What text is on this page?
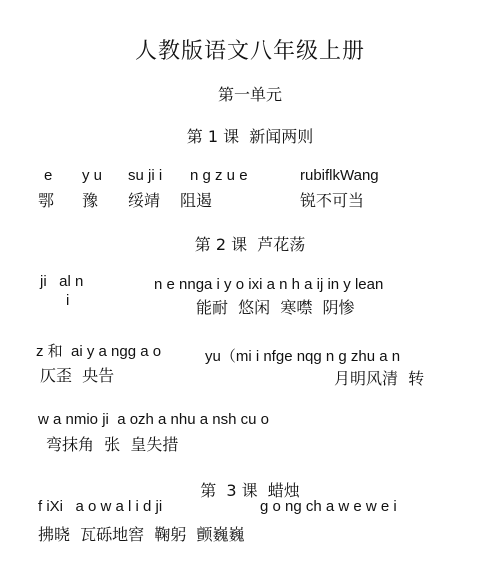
人教版语文八年级上册
第一单元
第 1 课  新闻两则
e y u su ji i n g z u e	rubiflkWang
鄂 豫 绥靖 阻遏	锐不可当
第 2 课  芦花荡
ji   al n
i
n e nnga i y o ixi a n h a ij in y lean
能耐  悠闲  寒噤  阴惨
z 和  ai y a ngg a o	yu（mi i nfge nqg n g zhu a n
仄歪  央告	月明风清  转
w a nmio ji  a ozh a nhu a nsh cu o
弯抹角  张  皇失措
第  3 课  蜡烛
f iXi   a o w a l i d ji	g o ng ch a w e w e i
拂晓  瓦砾地窖  鞠躬  颤巍巍
